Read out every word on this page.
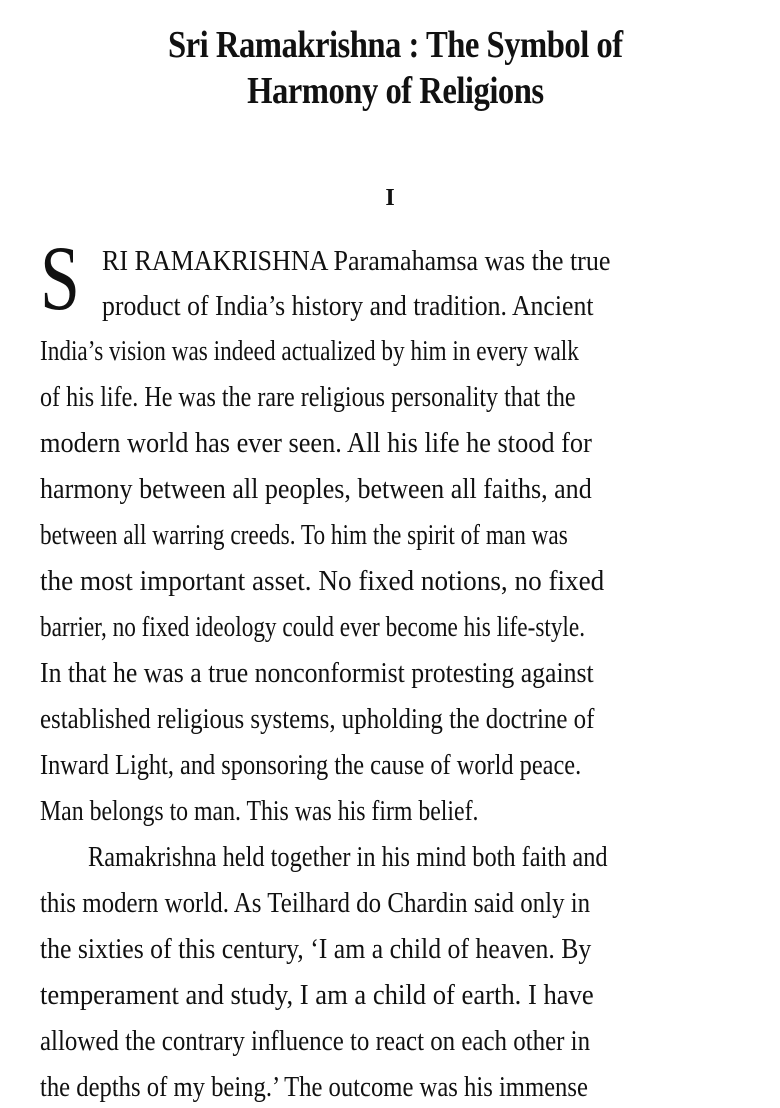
Sri Ramakrishna : The Symbol of
Harmony of Religions
I
S RI RAMAKRISHNA Paramahamsa was the true
product of India’s history and tradition. Ancient
India’s vision was indeed actualized by him in every walk
of his life. He was the rare religious personality that the
modern world has ever seen. All his life he stood for
harmony between all peoples, between all faiths, and
between all warring creeds. To him the spirit of man was
the most important asset. No fixed notions, no fixed
barrier, no fixed ideology could ever become his life-style.
In that he was a true nonconformist protesting against
established religious systems, upholding the doctrine of
Inward Light, and sponsoring the cause of world peace.
Man belongs to man. This was his firm belief.
Ramakrishna held together in his mind both faith and
this modern world. As Teilhard do Chardin said only in
the sixties of this century, ‘I am a child of heaven. By
temperament and study, I am a child of earth. I have
allowed the contrary influence to react on each other in
the depths of my being.’ The outcome was his immense
